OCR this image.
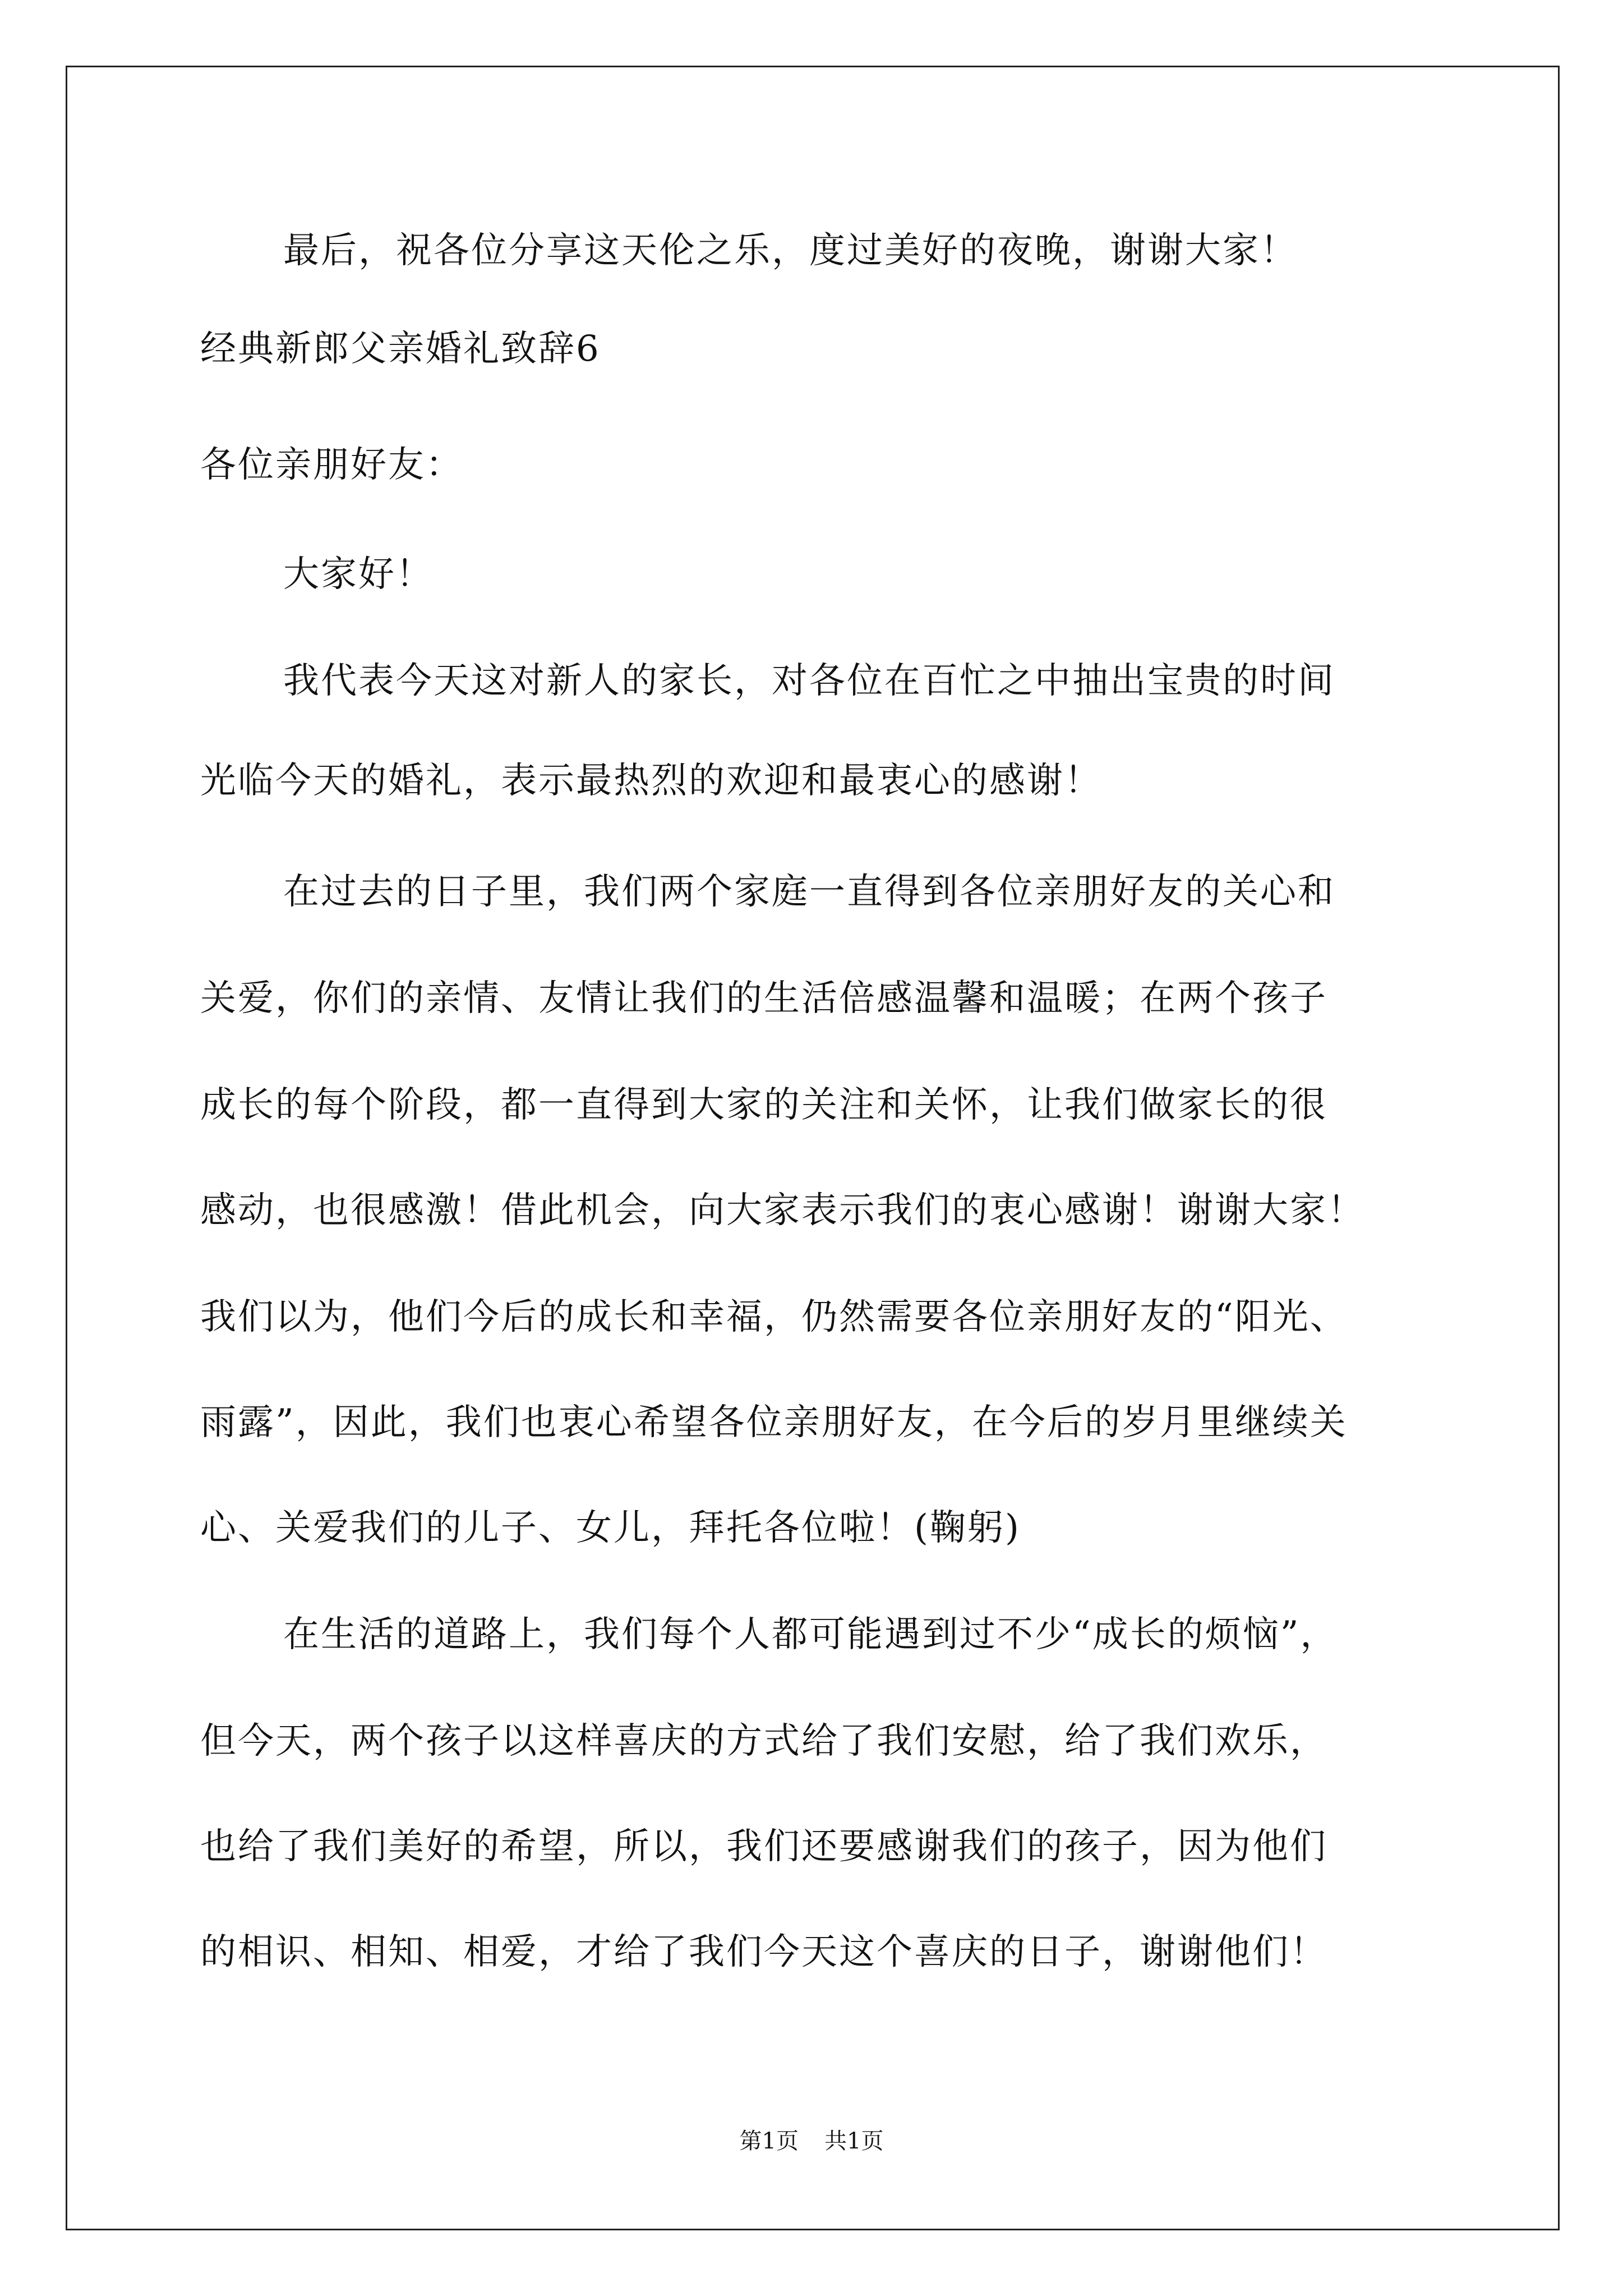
最后，祝各位分享这天伦之乐，度过美好的夜晚，谢谢大家！
经典新郎父亲婚礼致辞6
各位亲朋好友：
大家好！
我代表今天这对新人的家长，对各位在百忙之中抽出宝贵的时间
光临今天的婚礼，表示最热烈的欢迎和最衷心的感谢！
在过去的日子里，我们两个家庭一直得到各位亲朋好友的关心和
关爱，你们的亲情、友情让我们的生活倍感温馨和温暖；在两个孩子
成长的每个阶段，都一直得到大家的关注和关怀，让我们做家长的很
感动，也很感激！借此机会，向大家表示我们的衷心感谢！谢谢大家！
我们以为，他们今后的成长和幸福，仍然需要各位亲朋好友的“阳光、
雨露”，因此，我们也衷心希望各位亲朋好友，在今后的岁月里继续关
心、关爱我们的儿子、女儿，拜托各位啦！(鞠躬)
在生活的道路上，我们每个人都可能遇到过不少“成长的烦恼”，
但今天，两个孩子以这样喜庆的方式给了我们安慰，给了我们欢乐，
也给了我们美好的希望，所以，我们还要感谢我们的孩子，因为他们
的相识、相知、相爱，才给了我们今天这个喜庆的日子，谢谢他们！
第1页 共1页
